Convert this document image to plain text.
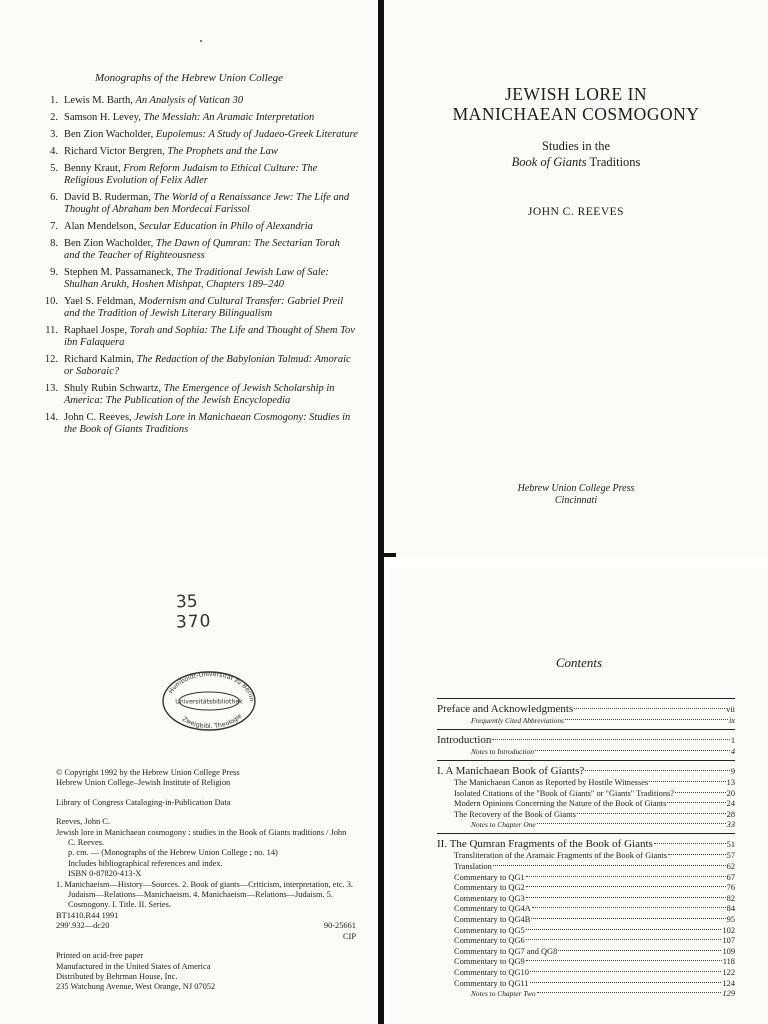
Monographs of the Hebrew Union College
1. Lewis M. Barth, An Analysis of Vatican 30
2. Samson H. Levey, The Messiah: An Aramaic Interpretation
3. Ben Zion Wacholder, Eupolemus: A Study of Judaeo-Greek Literature
4. Richard Victor Bergren, The Prophets and the Law
5. Benny Kraut, From Reform Judaism to Ethical Culture: The Religious Evolution of Felix Adler
6. David B. Ruderman, The World of a Renaissance Jew: The Life and Thought of Abraham ben Mordecai Farissol
7. Alan Mendelson, Secular Education in Philo of Alexandria
8. Ben Zion Wacholder, The Dawn of Qumran: The Sectarian Torah and the Teacher of Righteousness
9. Stephen M. Passamaneck, The Traditional Jewish Law of Sale: Shulhan Arukh, Hoshen Mishpat, Chapters 189–240
10. Yael S. Feldman, Modernism and Cultural Transfer: Gabriel Preil and the Tradition of Jewish Literary Bilingualism
11. Raphael Jospe, Torah and Sophia: The Life and Thought of Shem Tov ibn Falaquera
12. Richard Kalmin, The Redaction of the Babylonian Talmud: Amoraic or Saboraic?
13. Shuly Rubin Schwartz, The Emergence of Jewish Scholarship in America: The Publication of the Jewish Encyclopedia
14. John C. Reeves, Jewish Lore in Manichaean Cosmogony: Studies in the Book of Giants Traditions
35
370
Humboldt-Universität zu Berlin
Universitätsbibliothek
Zweigbibl. Theologie

© Copyright 1992 by the Hebrew Union College Press

Hebrew Union College–Jewish Institute of Religion

Library of Congress Cataloging-in-Publication Data

Reeves, John C.

Jewish lore in Manichaean cosmogony : studies in the Book of Giants traditions / John C. Reeves.

p. cm. — (Monographs of the Hebrew Union College ; no. 14)

Includes bibliographical references and index.

ISBN 0-87820-413-X

1. Manichaeism—History—Sources. 2. Book of giants—Criticism, interpretation, etc. 3. Judaism—Relations—Manichaeism. 4. Manichaeism—Relations—Judaism. 5. Cosmogony. I. Title. II. Series.

BT1410.R44 1991

299'.932—dc20	90-25661

CIP

Printed on acid-free paper

Manufactured in the United States of America

Distributed by Behrman House, Inc.

235 Watchung Avenue, West Orange, NJ 07052

JEWISH LORE IN
MANICHAEAN COSMOGONY
Studies in the
Book of Giants Traditions
JOHN C. REEVES
Hebrew Union College Press
Cincinnati
Contents
Preface and Acknowledgments	vii
Frequently Cited Abbreviations	ix
Introduction	1
Notes to Introduction	4
I. A Manichaean Book of Giants?	9
The Manichaean Canon as Reported by Hostile Witnesses	13
Isolated Citations of the "Book of Giants" or "Giants" Traditions?	20
Modern Opinions Concerning the Nature of the Book of Giants	24
The Recovery of the Book of Giants	28
Notes to Chapter One	33
II. The Qumran Fragments of the Book of Giants	51
Transliteration of the Aramaic Fragments of the Book of Giants	57
Translation	62
Commentary to QG1	67
Commentary to QG2	76
Commentary to QG3	82
Commentary to QG4A	84
Commentary to QG4B	95
Commentary to QG5	102
Commentary to QG6	107
Commentary to QG7 and QG8	109
Commentary to QG9	118
Commentary to QG10	122
Commentary to QG11	124
Notes to Chapter Two	129
